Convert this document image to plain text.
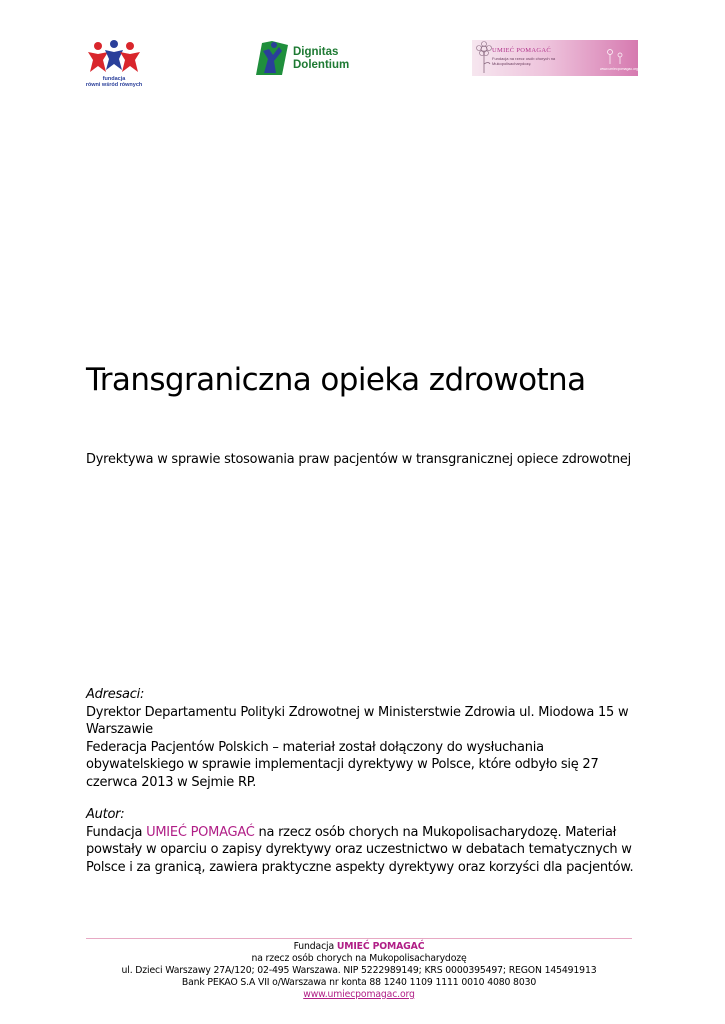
fundacja
równi wśród równych
Dignitas
Dolentium
UMIEĆ POMAGAĆ
Fundacja na rzecz osób chorych na Mukopolisacharydozę
www.umiecpomagac.org
Transgraniczna opieka zdrowotna
Dyrektywa w sprawie stosowania praw pacjentów w transgranicznej opiece zdrowotnej
Adresaci:
Dyrektor Departamentu Polityki Zdrowotnej w Ministerstwie Zdrowia ul. Miodowa 15 w
Warszawie
Federacja Pacjentów Polskich – materiał został dołączony do wysłuchania
obywatelskiego w sprawie implementacji dyrektywy w Polsce, które odbyło się 27
czerwca 2013 w Sejmie RP.
Autor:
Fundacja UMIEĆ POMAGAĆ na rzecz osób chorych na Mukopolisacharydozę. Materiał
powstały w oparciu o zapisy dyrektywy oraz uczestnictwo w debatach tematycznych w
Polsce i za granicą, zawiera praktyczne aspekty dyrektywy oraz korzyści dla pacjentów.
Fundacja UMIEĆ POMAGAĆ
na rzecz osób chorych na Mukopolisacharydozę
ul. Dzieci Warszawy 27A/120; 02-495 Warszawa. NIP 5222989149; KRS 0000395497; REGON 145491913
Bank PEKAO S.A VII o/Warszawa nr konta 88 1240 1109 1111 0010 4080 8030
www.umiecpomagac.org
